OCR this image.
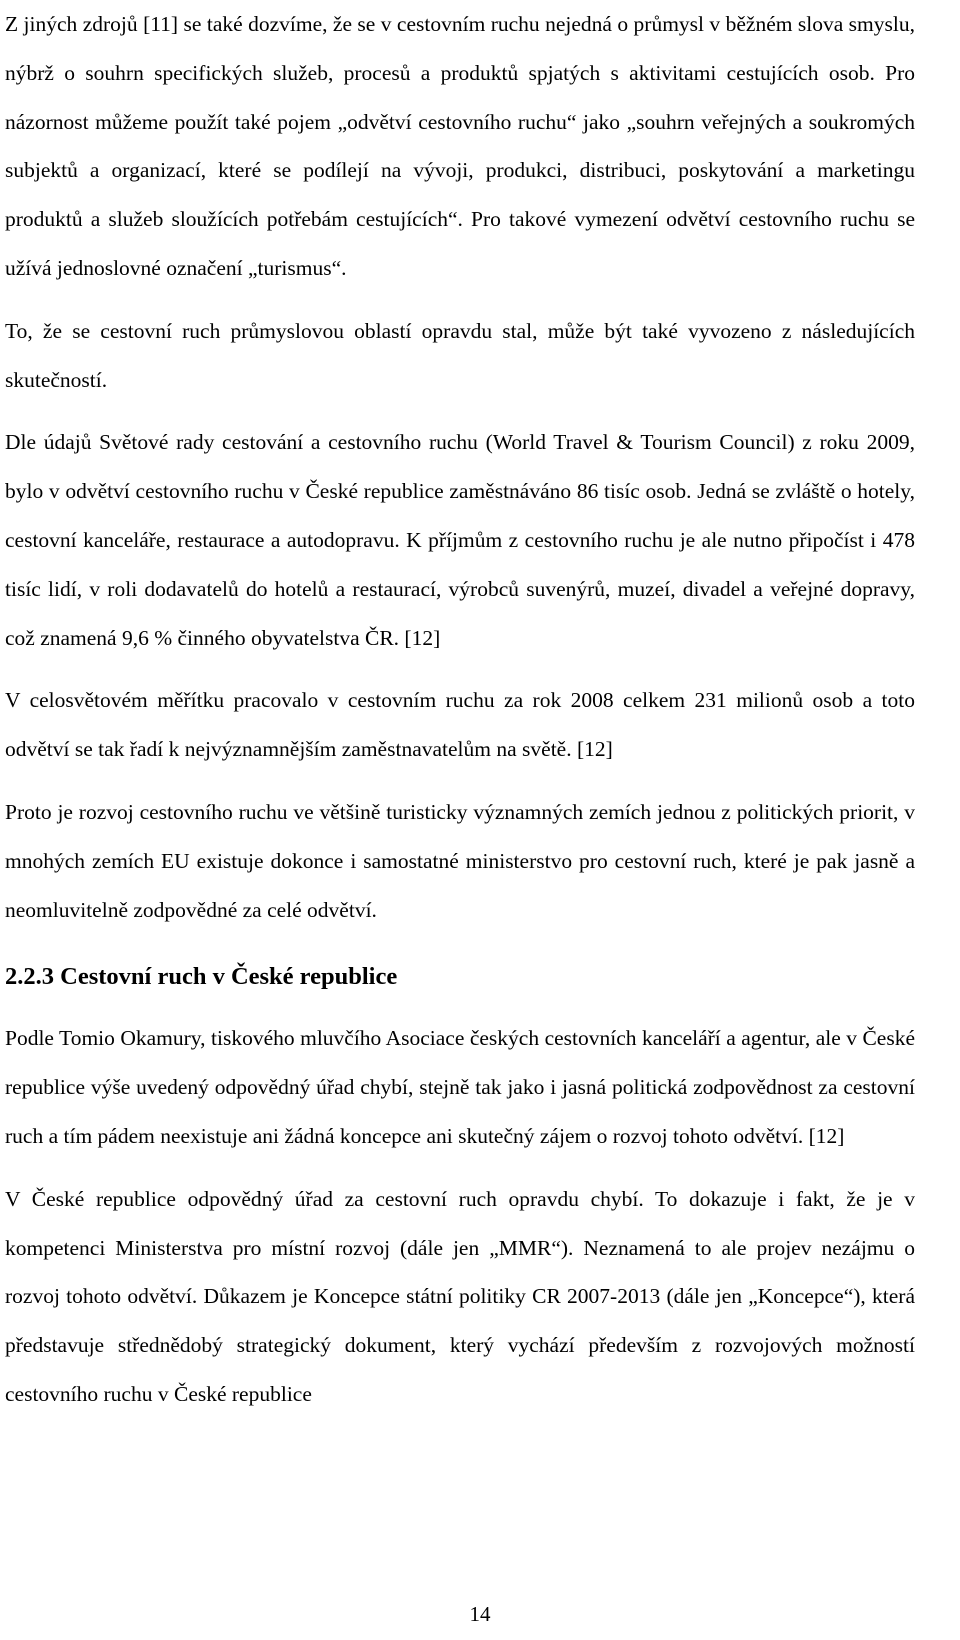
Z jiných zdrojů [11] se také dozvíme, že se v cestovním ruchu nejedná o průmysl v běžném slova smyslu, nýbrž o souhrn specifických služeb, procesů a produktů spjatých s aktivitami cestujících osob. Pro názornost můžeme použít také pojem „odvětví cestovního ruchu“ jako „souhrn veřejných a soukromých subjektů a organizací, které se podílejí na vývoji, produkci, distribuci, poskytování a marketingu produktů a služeb sloužících potřebám cestujících“. Pro takové vymezení odvětví cestovního ruchu se užívá jednoslovné označení „turismus“.

To, že se cestovní ruch průmyslovou oblastí opravdu stal, může být také vyvozeno z následujících skutečností.

Dle údajů Světové rady cestování a cestovního ruchu (World Travel & Tourism Council) z roku 2009, bylo v odvětví cestovního ruchu v České republice zaměstnáváno 86 tisíc osob. Jedná se zvláště o hotely, cestovní kanceláře, restaurace a autodopravu. K příjmům z cestovního ruchu je ale nutno připočíst i 478 tisíc lidí, v roli dodavatelů do hotelů a restaurací, výrobců suvenýrů, muzeí, divadel a veřejné dopravy, což znamená 9,6 % činného obyvatelstva ČR. [12]

V celosvětovém měřítku pracovalo v cestovním ruchu za rok 2008 celkem 231 milionů osob a toto odvětví se tak řadí k nejvýznamnějším zaměstnavatelům na světě. [12]

Proto je rozvoj cestovního ruchu ve většině turisticky významných zemích jednou z politických priorit, v mnohých zemích EU existuje dokonce i samostatné ministerstvo pro cestovní ruch, které je pak jasně a neomluvitelně zodpovědné za celé odvětví.

2.2.3 Cestovní ruch v České republice

Podle Tomio Okamury, tiskového mluvčího Asociace českých cestovních kanceláří a agentur, ale v České republice výše uvedený odpovědný úřad chybí, stejně tak jako i jasná politická zodpovědnost za cestovní ruch a tím pádem neexistuje ani žádná koncepce ani skutečný zájem o rozvoj tohoto odvětví. [12]

V České republice odpovědný úřad za cestovní ruch opravdu chybí. To dokazuje i fakt, že je v kompetenci Ministerstva pro místní rozvoj (dále jen „MMR“). Neznamená to ale projev nezájmu o rozvoj tohoto odvětví. Důkazem je Koncepce státní politiky CR 2007-2013 (dále jen „Koncepce“), která představuje střednědobý strategický dokument, který vychází především z rozvojových možností cestovního ruchu v České republice

14
